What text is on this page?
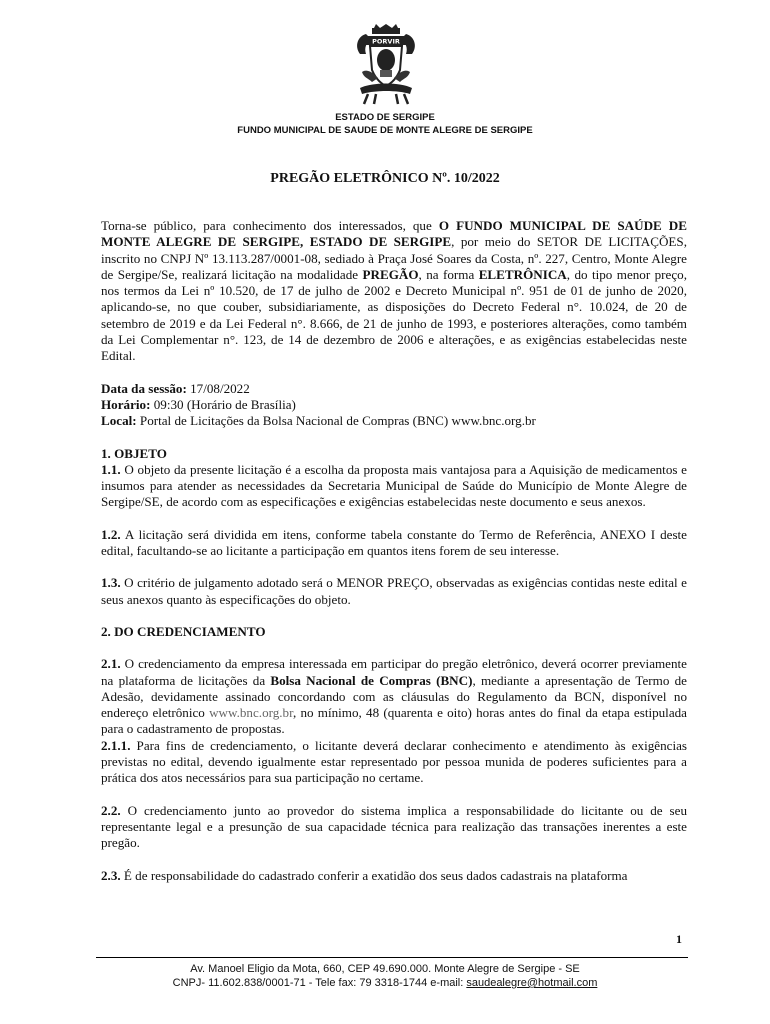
PORVIR
ESTADO DE SERGIPE
FUNDO MUNICIPAL DE SAUDE DE MONTE ALEGRE DE SERGIPE
PREGÃO ELETRÔNICO Nº. 10/2022

Torna-se público, para conhecimento dos interessados, que O FUNDO MUNICIPAL DE SAÚDE DE MONTE ALEGRE DE SERGIPE, ESTADO DE SERGIPE, por meio do SETOR DE LICITAÇÕES, inscrito no CNPJ Nº 13.113.287/0001-08, sediado à Praça José Soares da Costa, nº. 227, Centro, Monte Alegre de Sergipe/Se, realizará licitação na modalidade PREGÃO, na forma ELETRÔNICA, do tipo menor preço, nos termos da Lei nº 10.520, de 17 de julho de 2002 e Decreto Municipal nº. 951 de 01 de junho de 2020, aplicando-se, no que couber, subsidiariamente, as disposições do Decreto Federal n°. 10.024, de 20 de setembro de 2019 e da Lei Federal n°. 8.666, de 21 de junho de 1993, e posteriores alterações, como também da Lei Complementar n°. 123, de 14 de dezembro de 2006 e alterações, e as exigências estabelecidas neste Edital.

Data da sessão: 17/08/2022

Horário: 09:30 (Horário de Brasília)

Local: Portal de Licitações da Bolsa Nacional de Compras (BNC) www.bnc.org.br

1. OBJETO

1.1. O objeto da presente licitação é a escolha da proposta mais vantajosa para a Aquisição de medicamentos e insumos para atender as necessidades da Secretaria Municipal de Saúde do Município de Monte Alegre de Sergipe/SE, de acordo com as especificações e exigências estabelecidas neste documento e seus anexos.

1.2. A licitação será dividida em itens, conforme tabela constante do Termo de Referência, ANEXO I deste edital, facultando-se ao licitante a participação em quantos itens forem de seu interesse.

1.3. O critério de julgamento adotado será o MENOR PREÇO, observadas as exigências contidas neste edital e seus anexos quanto às especificações do objeto.

2. DO CREDENCIAMENTO

2.1. O credenciamento da empresa interessada em participar do pregão eletrônico, deverá ocorrer previamente na plataforma de licitações da Bolsa Nacional de Compras (BNC), mediante a apresentação de Termo de Adesão, devidamente assinado concordando com as cláusulas do Regulamento da BCN, disponível no endereço eletrônico www.bnc.org.br, no mínimo, 48 (quarenta e oito) horas antes do final da etapa estipulada para o cadastramento de propostas.

2.1.1. Para fins de credenciamento, o licitante deverá declarar conhecimento e atendimento às exigências previstas no edital, devendo igualmente estar representado por pessoa munida de poderes suficientes para a prática dos atos necessários para sua participação no certame.

2.2. O credenciamento junto ao provedor do sistema implica a responsabilidade do licitante ou de seu representante legal e a presunção de sua capacidade técnica para realização das transações inerentes a este pregão.

2.3. É de responsabilidade do cadastrado conferir a exatidão dos seus dados cadastrais na plataforma

1
Av. Manoel Eligio da Mota, 660, CEP 49.690.000. Monte Alegre de Sergipe - SE
CNPJ- 11.602.838/0001-71 - Tele fax: 79 3318-1744 e-mail: saudealegre@hotmail.com
